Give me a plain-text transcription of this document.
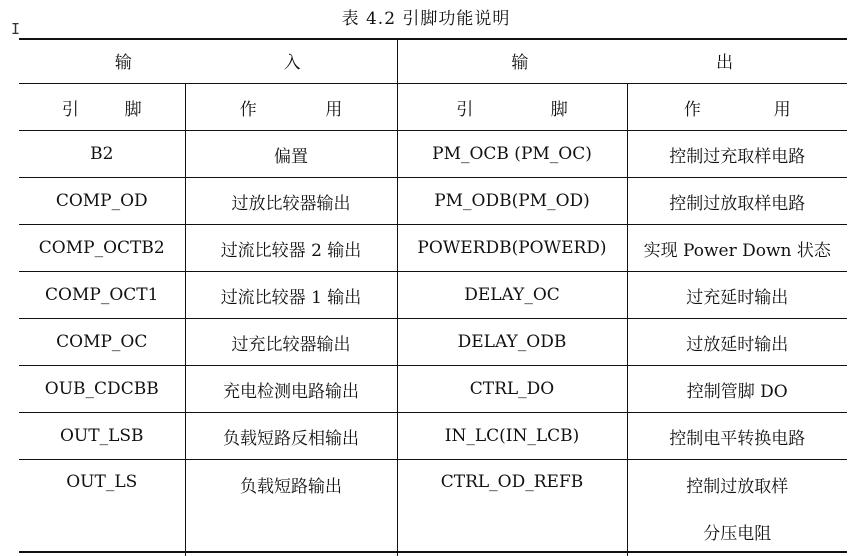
表 4.2 引脚功能说明
I
输 入		输 出	

引 脚	作 用	引 脚	作 用

B2	偏置	PM_OCB (PM_OC)	控制过充取样电路
COMP_OD	过放比较器输出	PM_ODB(PM_OD)	控制过放取样电路
COMP_OCTB2	过流比较器 2 输出	POWERDB(POWERD)	实现 Power Down 状态
COMP_OCT1	过流比较器 1 输出	DELAY_OC	过充延时输出
COMP_OC	过充比较器输出	DELAY_ODB	过放延时输出
OUB_CDCBB	充电检测电路输出	CTRL_DO	控制管脚 DO
OUT_LSB	负载短路反相输出	IN_LC(IN_LCB)	控制电平转换电路
OUT_LS	负载短路输出	CTRL_OD_REFB	控制过放取样
分压电阻
